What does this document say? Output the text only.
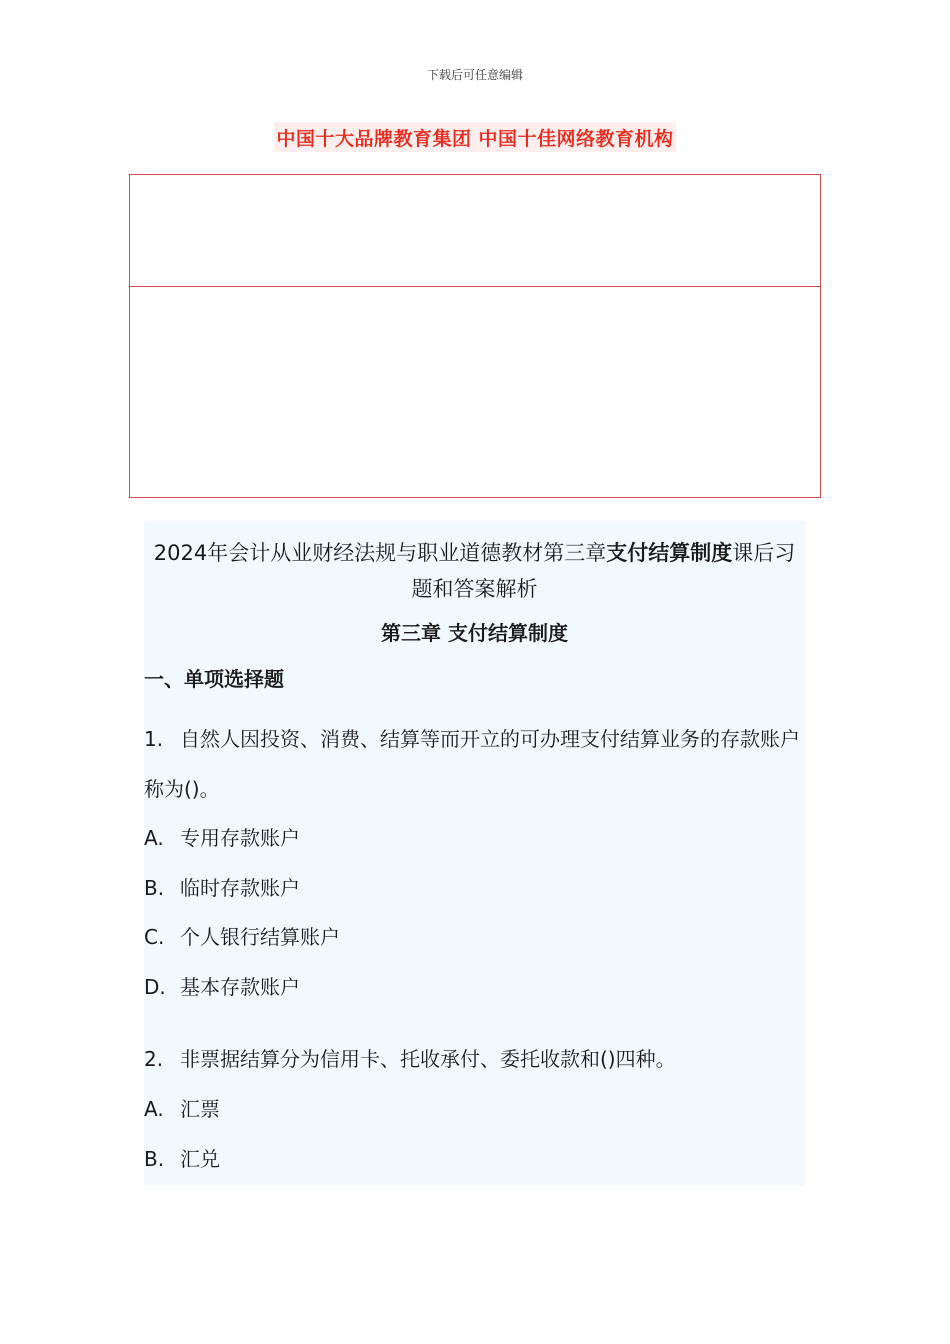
下载后可任意编辑
中国十大品牌教育集团 中国十佳网络教育机构
2024年会计从业财经法规与职业道德教材第三章支付结算制度课后习题和答案解析
第三章 支付结算制度
一、单项选择题
1. 自然人因投资、消费、结算等而开立的可办理支付结算业务的存款账户称为()。
A. 专用存款账户
B. 临时存款账户
C. 个人银行结算账户
D. 基本存款账户
2. 非票据结算分为信用卡、托收承付、委托收款和()四种。
A. 汇票
B. 汇兑
